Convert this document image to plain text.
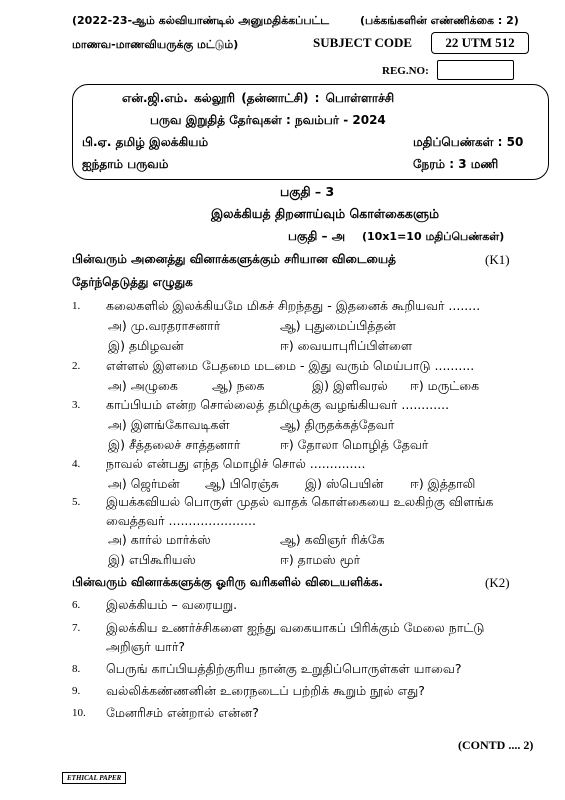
(2022-23-ஆம் கல்வியாண்டில் அனுமதிக்கப்பட்ட	(பக்கங்களின் எண்ணிக்கை : 2)
மாணவ-மாணவியருக்கு மட்டும்)	SUBJECT CODE	22 UTM 512
REG.NO:
என்.ஜி.எம். கல்லூரி (தன்னாட்சி) : பொள்ளாச்சி
பருவ இறுதித் தேர்வுகள் : நவம்பர் - 2024
பி.ஏ. தமிழ் இலக்கியம்	மதிப்பெண்கள் : 50
ஐந்தாம் பருவம்	நேரம் : 3 மணி
பகுதி – 3
இலக்கியத் திறனாய்வும் கொள்கைகளும்
பகுதி – அ (10x1=10 மதிப்பெண்கள்)
பின்வரும் அனைத்து வினாக்களுக்கும் சரியான விடையைத்	(K1)
தேர்ந்தெடுத்து எழுதுக
1. கலைகளில் இலக்கியமே மிகச் சிறந்தது - இதனைக் கூறியவர் ........
அ) மு.வரதராசனார்	ஆ) புதுமைப்பித்தன்
இ) தமிழவன்	ஈ) வையாபுரிப்பிள்ளை
2. எள்ளல் இளமை பேதமை மடமை - இது வரும் மெய்பாடு ..........
அ) அழுகை	ஆ) நகை	இ) இளிவரல் ஈ) மருட்கை
3. காப்பியம் என்ற சொல்லைத் தமிழுக்கு வழங்கியவர் ............
அ) இளங்கோவடிகள்	ஆ) திருதக்கத்தேவர்
இ) சீத்தலைச் சாத்தனார்	ஈ) தோலா மொழித் தேவர்
4. நாவல் என்பது எந்த மொழிச் சொல் ..............
அ) ஜெர்மன் ஆ) பிரெஞ்சு இ) ஸ்பெயின் ஈ) இத்தாலி
5. இயக்கவியல் பொருள் முதல் வாதக் கொள்கையை உலகிற்கு விளங்க
வைத்தவர் ......................
அ) கார்ல் மார்க்ஸ்	ஆ) கவிஞர் ரிக்கே
இ) எபிகூரியஸ்	ஈ) தாமஸ் மூர்
பின்வரும் வினாக்களுக்கு ஓரிரு வரிகளில் விடையளிக்க.	(K2)
6. இலக்கியம் – வரையறு.
7. இலக்கிய உணர்ச்சிகளை ஐந்து வகையாகப் பிரிக்கும் மேலை நாட்டு
அறிஞர் யார்?
8. பெருங் காப்பியத்திற்குரிய நான்கு உறுதிப்பொருள்கள் யாவை?
9. வல்லிக்கண்ணனின் உரைநடைப் பற்றிக் கூறும் நூல் எது?
10. மேனரிசம் என்றால் என்ன?
(CONTD .... 2)
ETHICAL PAPER
